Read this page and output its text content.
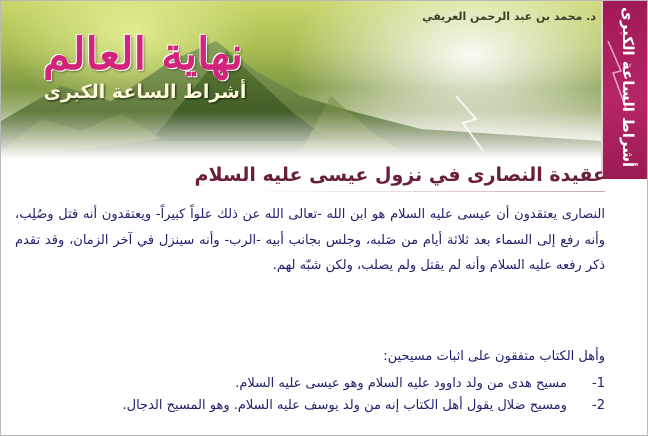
د. محمد بن عبد الرحمن العريفي
نهاية العالم
أشراط الساعة الكبرى	أشراط الساعة الكبرى
عقيدة النصارى في نزول عيسى عليه السلام
النصارى يعتقدون أن عيسى عليه السلام هو ابن الله -تعالى الله عن ذلك علواً كبيراً- ويعتقدون أنه قتل وصُلِب، وأنه رفع إلى السماء بعد ثلاثة أيام من صَلبه، وجلس بجانب أبيه -الرب- وأنه سينزل في آخر الزمان، وقد تقدم ذكر رفعه عليه السلام وأنه لم يقتل ولم يصلب، ولكن شبّه لهم.
وأهل الكتاب متفقون على اثبات مسيحين:
1- مسيح هدى من ولد داوود عليه السلام وهو عيسى عليه السلام.
2- ومسيح ضلال يقول أهل الكتاب إنه من ولد يوسف عليه السلام. وهو المسيح الدجال.
